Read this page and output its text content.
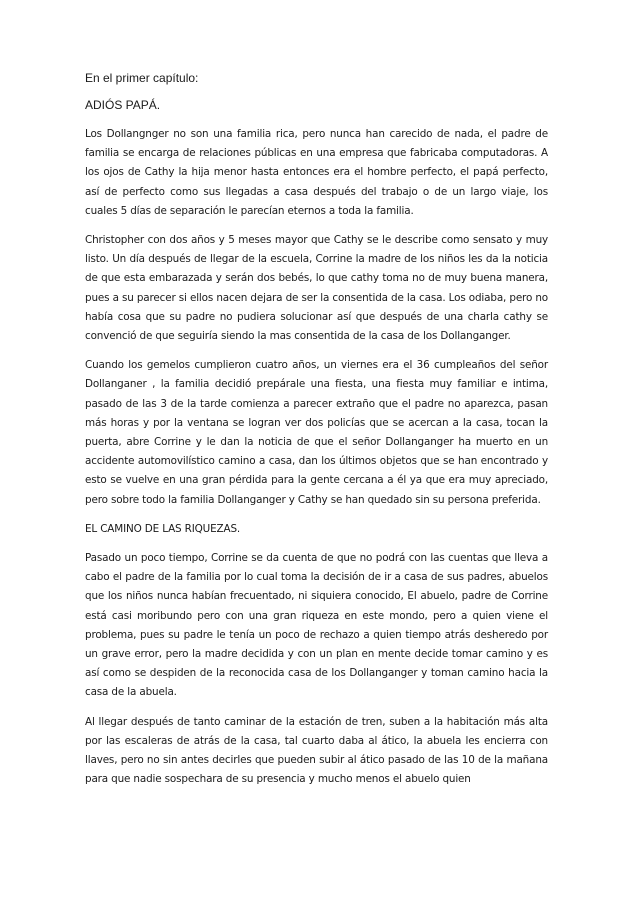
En el primer capítulo:

ADIÓS PAPÁ.

Los Dollangnger no son una familia rica, pero nunca han carecido de nada, el padre de familia se encarga de relaciones públicas en una empresa que fabricaba computadoras. A los ojos de Cathy la hija menor hasta entonces era el hombre perfecto, el papá perfecto, así de perfecto como sus llegadas a casa después del trabajo o de un largo viaje, los cuales 5 días de separación le parecían eternos a toda la familia.

Christopher con dos años y 5 meses mayor que Cathy se le describe como sensato y muy listo. Un día después de llegar de la escuela, Corrine la madre de los niños les da la noticia de que esta embarazada y serán dos bebés, lo que cathy toma no de muy buena manera, pues a su parecer si ellos nacen dejara de ser la consentida de la casa. Los odiaba, pero no había cosa que su padre no pudiera solucionar así que después de una charla cathy se convenció de que seguiría siendo la mas consentida de la casa de los Dollanganger.

Cuando los gemelos cumplieron cuatro años, un viernes era el 36 cumpleaños del señor Dollanganer , la familia decidió prepárale una fiesta, una fiesta muy familiar e intima, pasado de las 3 de la tarde comienza a parecer extraño que el padre no aparezca, pasan más horas y por la ventana se logran ver dos policías que se acercan a la casa, tocan la puerta, abre Corrine y le dan la noticia de que el señor Dollanganger ha muerto en un accidente automovilístico camino a casa, dan los últimos objetos que se han encontrado y esto se vuelve en una gran pérdida para la gente cercana a él ya que era muy apreciado, pero sobre todo la familia Dollanganger y Cathy se han quedado sin su persona preferida.

EL CAMINO DE LAS RIQUEZAS.

Pasado un poco tiempo, Corrine se da cuenta de que no podrá con las cuentas que lleva a cabo el padre de la familia por lo cual toma la decisión de ir a casa de sus padres, abuelos que los niños nunca habían frecuentado, ni siquiera conocido, El abuelo, padre de Corrine está casi moribundo pero con una gran riqueza en este mondo, pero a quien viene el problema, pues su padre le tenía un poco de rechazo a quien tiempo atrás desheredo por un grave error, pero la madre decidida y con un plan en mente decide tomar camino y es así como se despiden de la reconocida casa de los Dollanganger y toman camino hacia la casa de la abuela.

Al llegar después de tanto caminar de la estación de tren, suben a la habitación más alta por las escaleras de atrás de la casa, tal cuarto daba al ático, la abuela les encierra con llaves, pero no sin antes decirles que pueden subir al ático pasado de las 10 de la mañana para que nadie sospechara de su presencia y mucho menos el abuelo quien
